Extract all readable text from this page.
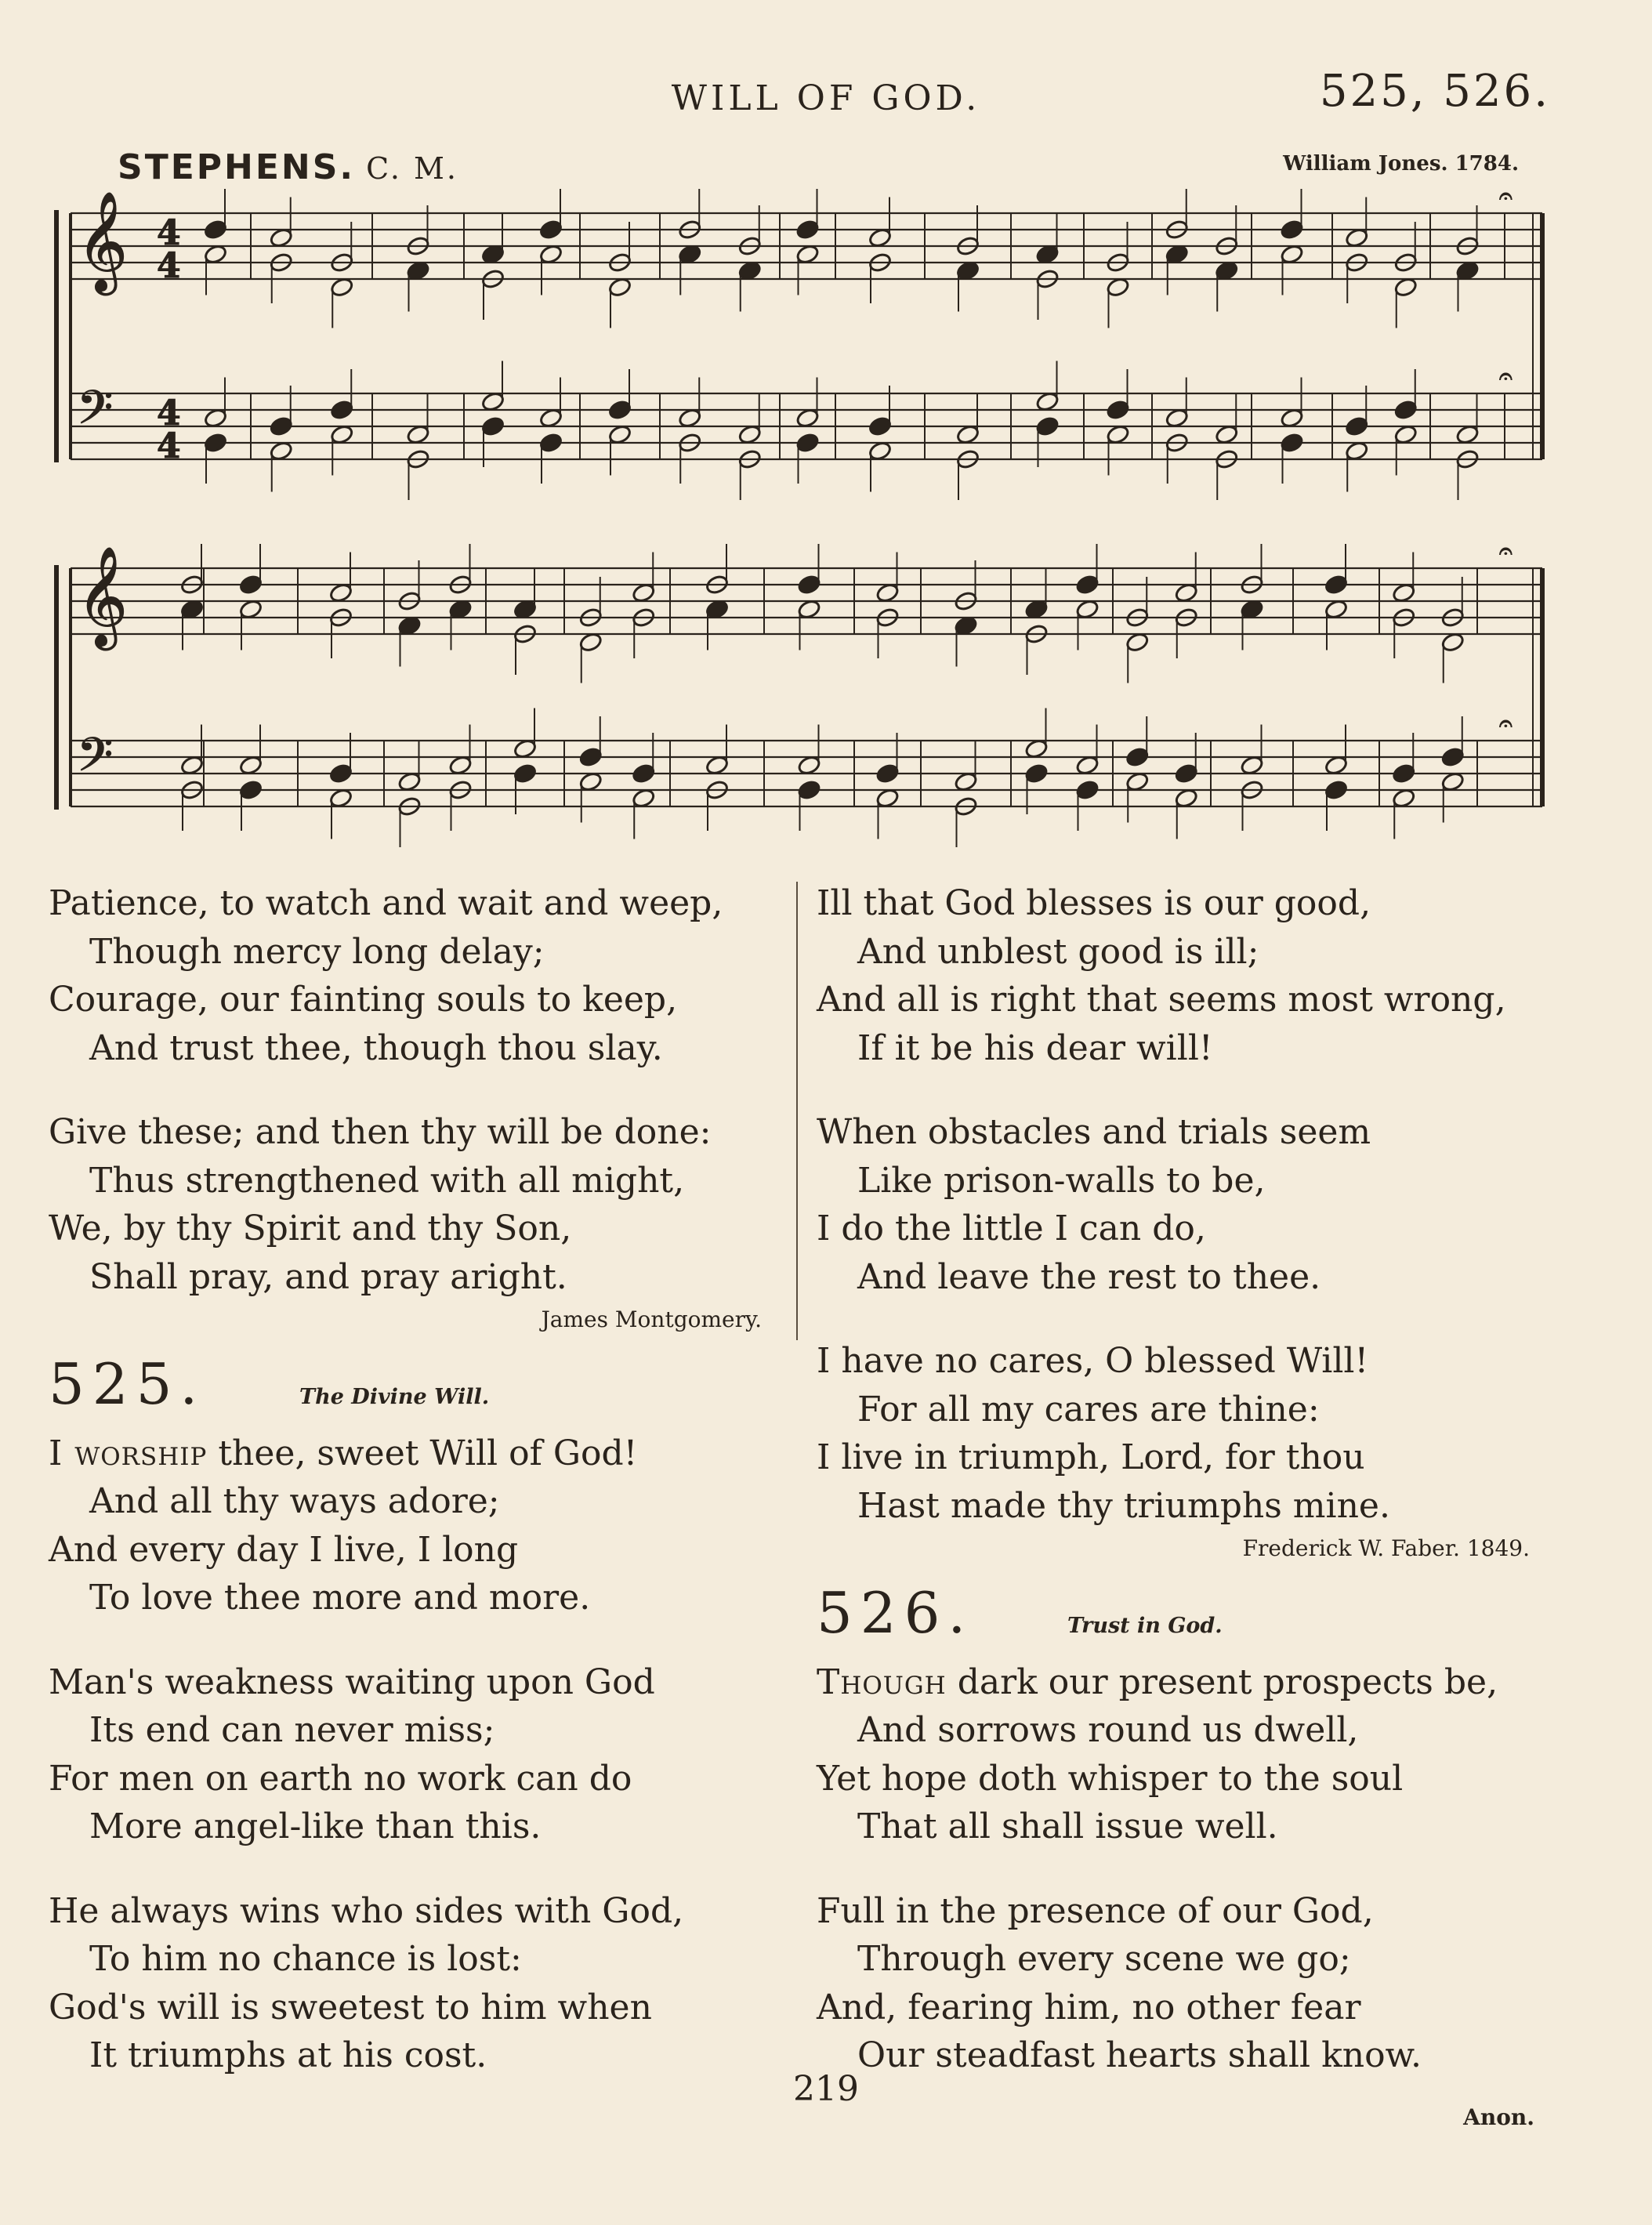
WILL OF GOD.	525, 526.
STEPHENS. C. M.	William Jones. 1784.
𝄞
𝄢
4
4
4
4
𝄐
𝄐
𝄞
𝄢
𝄐
𝄐
Patience, to watch and wait and weep,
Though mercy long delay;
Courage, our fainting souls to keep,
And trust thee, though thou slay.
Give these; and then thy will be done:
Thus strengthened with all might,
We, by thy Spirit and thy Son,
Shall pray, and pray aright.
James Montgomery.
525.	The Divine Will.
I worship thee, sweet Will of God!
And all thy ways adore;
And every day I live, I long
To love thee more and more.
Man's weakness waiting upon God
Its end can never miss;
For men on earth no work can do
More angel-like than this.
He always wins who sides with God,
To him no chance is lost:
God's will is sweetest to him when
It triumphs at his cost.
Ill that God blesses is our good,
And unblest good is ill;
And all is right that seems most wrong,
If it be his dear will!
When obstacles and trials seem
Like prison-walls to be,
I do the little I can do,
And leave the rest to thee.
I have no cares, O blessed Will!
For all my cares are thine:
I live in triumph, Lord, for thou
Hast made thy triumphs mine.
Frederick W. Faber. 1849.
526.	Trust in God.
Though dark our present prospects be,
And sorrows round us dwell,
Yet hope doth whisper to the soul
That all shall issue well.
Full in the presence of our God,
Through every scene we go;
And, fearing him, no other fear
Our steadfast hearts shall know.
219
Anon.
